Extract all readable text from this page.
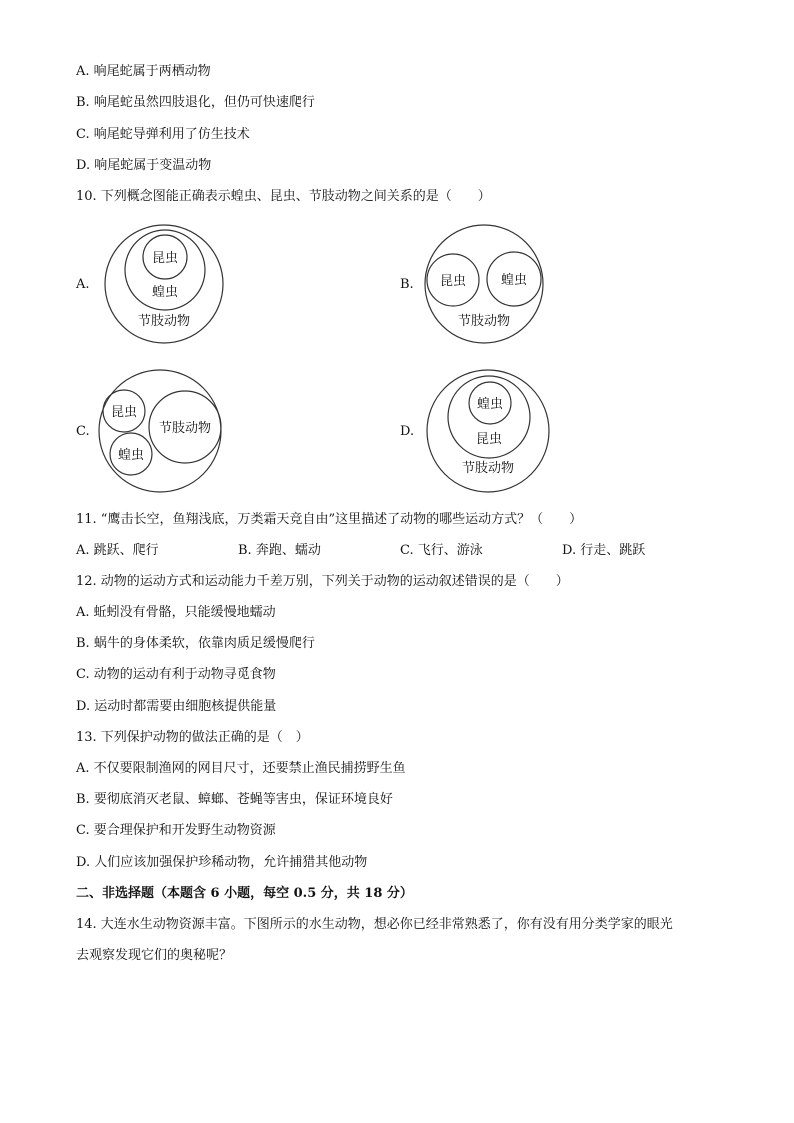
A. 响尾蛇属于两栖动物
B. 响尾蛇虽然四肢退化，但仍可快速爬行
C. 响尾蛇导弹利用了仿生技术
D. 响尾蛇属于变温动物
10. 下列概念图能正确表示蝗虫、昆虫、节肢动物之间关系的是（　　）
A.
昆虫
蝗虫
节肢动物
B. 昆虫	蝗虫
节肢动物
C.
昆虫
节肢动物
蝗虫
D.
蝗虫
昆虫
节肢动物
11. “鹰击长空，鱼翔浅底，万类霜天竞自由”这里描述了动物的哪些运动方式？（　　）
A. 跳跃、爬行	B. 奔跑、蠕动	C. 飞行、游泳	D. 行走、跳跃
12. 动物的运动方式和运动能力千差万别，下列关于动物的运动叙述错误的是（　　）
A. 蚯蚓没有骨骼，只能缓慢地蠕动
B. 蜗牛的身体柔软，依靠肉质足缓慢爬行
C. 动物的运动有利于动物寻觅食物
D. 运动时都需要由细胞核提供能量
13. 下列保护动物的做法正确的是（　）
A. 不仅要限制渔网的网目尺寸，还要禁止渔民捕捞野生鱼
B. 要彻底消灭老鼠、蟑螂、苍蝇等害虫，保证环境良好
C. 要合理保护和开发野生动物资源
D. 人们应该加强保护珍稀动物，允许捕猎其他动物
二、非选择题（本题含 6 小题，每空 0.5 分，共 18 分）
14. 大连水生动物资源丰富。下图所示的水生动物，想必你已经非常熟悉了，你有没有用分类学家的眼光
去观察发现它们的奥秘呢？
